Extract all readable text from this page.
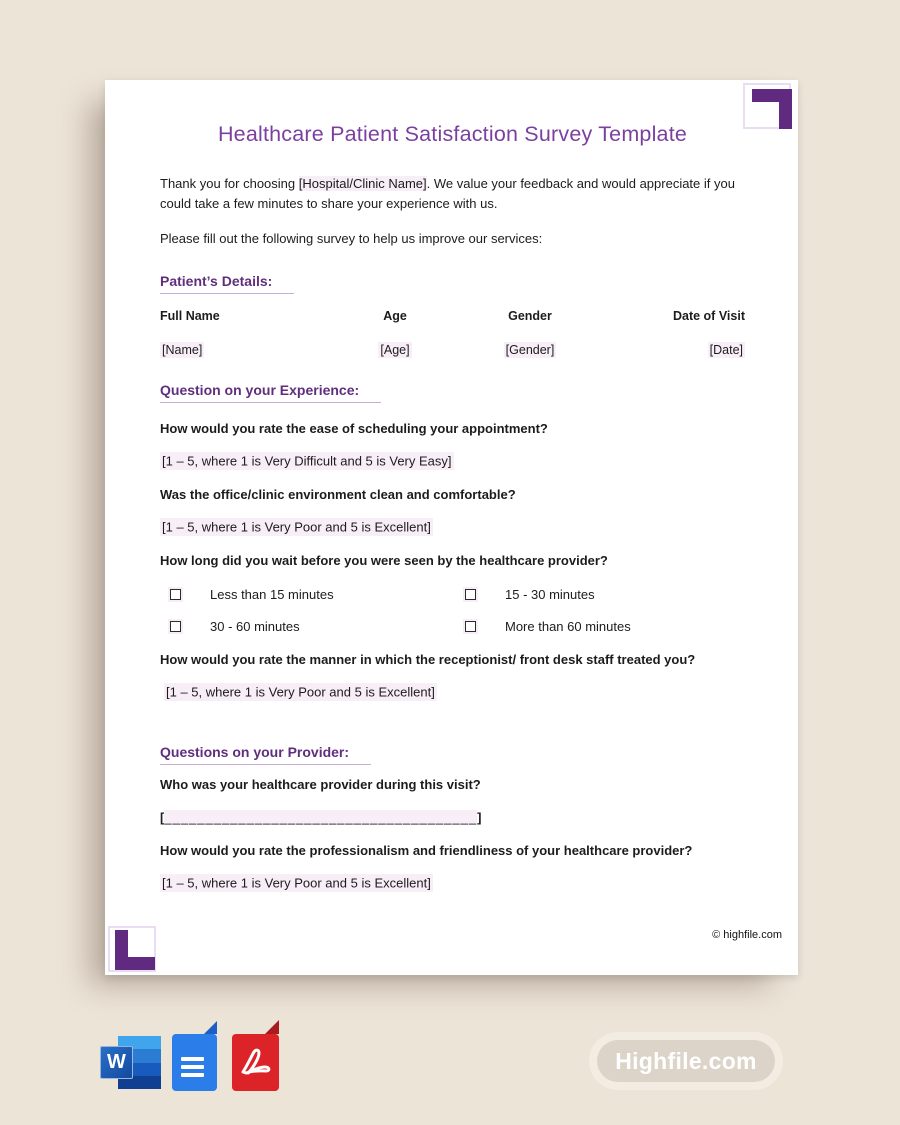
Healthcare Patient Satisfaction Survey Template

Thank you for choosing [Hospital/Clinic Name]. We value your feedback and would appreciate if you could take a few minutes to share your experience with us.

Please fill out the following survey to help us improve our services:

Patient’s Details:
Full Name	Age	Gender	Date of Visit
[Name]	[Age]	[Gender]	[Date]
Question on your Experience:

How would you rate the ease of scheduling your appointment?

[1 – 5, where 1 is Very Difficult and 5 is Very Easy]

Was the office/clinic environment clean and comfortable?

[1 – 5, where 1 is Very Poor and 5 is Excellent]

How long did you wait before you were seen by the healthcare provider?

Less than 15 minutes	15 - 30 minutes
30 - 60 minutes	More than 60 minutes

How would you rate the manner in which the receptionist/ front desk staff treated you?

[1 – 5, where 1 is Very Poor and 5 is Excellent]

Questions on your Provider:

Who was your healthcare provider during this visit?

[______________________________________]

How would you rate the professionalism and friendliness of your healthcare provider?

[1 – 5, where 1 is Very Poor and 5 is Excellent]

© highfile.com
W	Highfile.com
